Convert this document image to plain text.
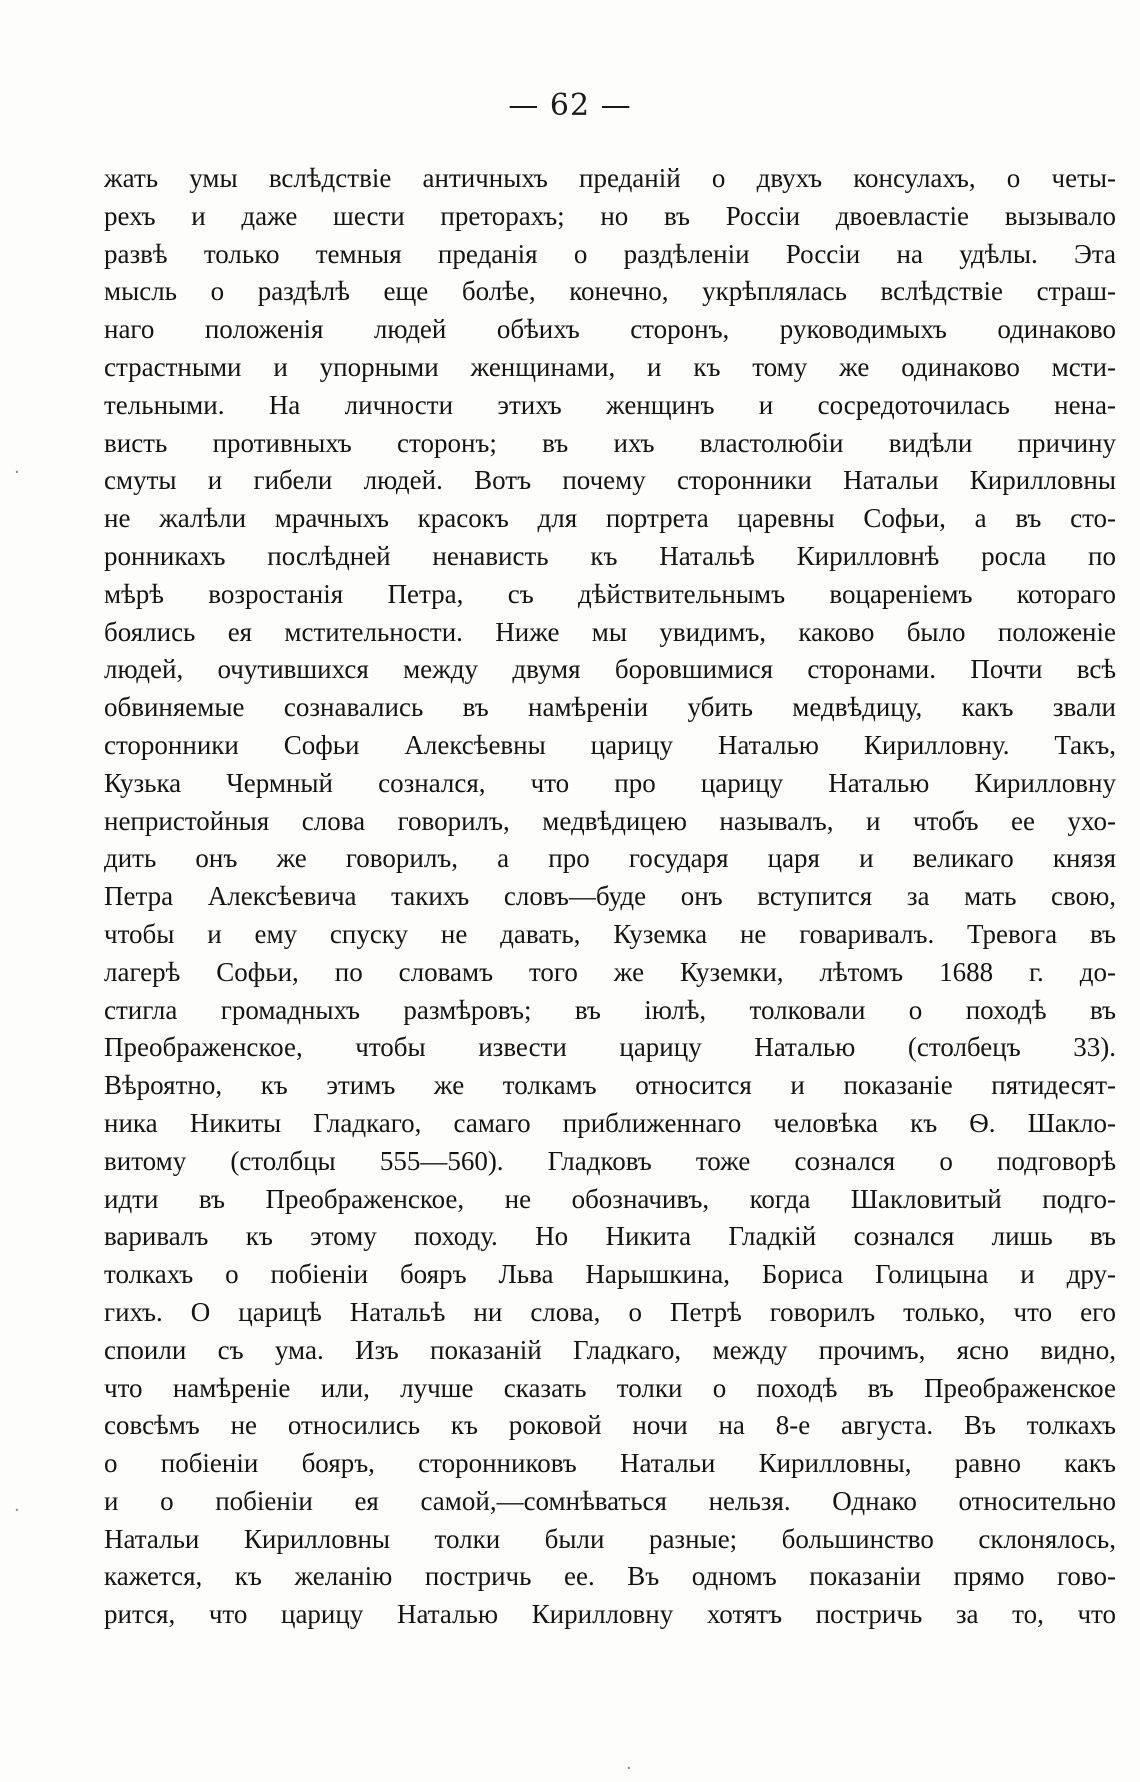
— 62 —
жать умы вслѣдствіе античныхъ преданій о двухъ консулахъ, о четы-
рехъ и даже шести преторахъ; но въ Россіи двоевластіе вызывало
развѣ только темныя преданія о раздѣленіи Россіи на удѣлы. Эта
мысль о раздѣлѣ еще болѣе, конечно, укрѣплялась вслѣдствіе страш-
наго положенія людей обѣихъ сторонъ, руководимыхъ одинаково
страстными и упорными женщинами, и къ тому же одинаково мсти-
тельными. На личности этихъ женщинъ и сосредоточилась нена-
висть противныхъ сторонъ; въ ихъ властолюбіи видѣли причину
смуты и гибели людей. Вотъ почему сторонники Натальи Кирилловны
не жалѣли мрачныхъ красокъ для портрета царевны Софьи, а въ сто-
ронникахъ послѣдней ненависть къ Натальѣ Кирилловнѣ росла по
мѣрѣ возростанія Петра, съ дѣйствительнымъ воцареніемъ котораго
боялись ея мстительности. Ниже мы увидимъ, каково было положеніе
людей, очутившихся между двумя боровшимися сторонами. Почти всѣ
обвиняемые сознавались въ намѣреніи убить медвѣдицу, какъ звали
сторонники Софьи Алексѣевны царицу Наталью Кирилловну. Такъ,
Кузька Чермный сознался, что про царицу Наталью Кирилловну
непристойныя слова говорилъ, медвѣдицею называлъ, и чтобъ ее ухо-
дить онъ же говорилъ, а про государя царя и великаго князя
Петра Алексѣевича такихъ словъ—буде онъ вступится за мать свою,
чтобы и ему спуску не давать, Куземка не говаривалъ. Тревога въ
лагерѣ Софьи, по словамъ того же Куземки, лѣтомъ 1688 г. до-
стигла громадныхъ размѣровъ; въ іюлѣ, толковали о походѣ въ
Преображенское, чтобы извести царицу Наталью (столбецъ 33).
Вѣроятно, къ этимъ же толкамъ относится и показаніе пятидесят-
ника Никиты Гладкаго, самаго приближеннаго человѣка къ Ѳ. Шакло-
витому (столбцы 555—560). Гладковъ тоже сознался о подговорѣ
идти въ Преображенское, не обозначивъ, когда Шакловитый подго-
варивалъ къ этому походу. Но Никита Гладкій сознался лишь въ
толкахъ о побіеніи бояръ Льва Нарышкина, Бориса Голицына и дру-
гихъ. О царицѣ Натальѣ ни слова, о Петрѣ говорилъ только, что его
споили съ ума. Изъ показаній Гладкаго, между прочимъ, ясно видно,
что намѣреніе или, лучше сказать толки о походѣ въ Преображенское
совсѣмъ не относились къ роковой ночи на 8-е августа. Въ толкахъ
о побіеніи бояръ, сторонниковъ Натальи Кирилловны, равно какъ
и о побіеніи ея самой,—сомнѣваться нельзя. Однако относительно
Натальи Кирилловны толки были разные; большинство склонялось,
кажется, къ желанію постричь ее. Въ одномъ показаніи прямо гово-
рится, что царицу Наталью Кирилловну хотятъ постричь за то, что
·
·
·
